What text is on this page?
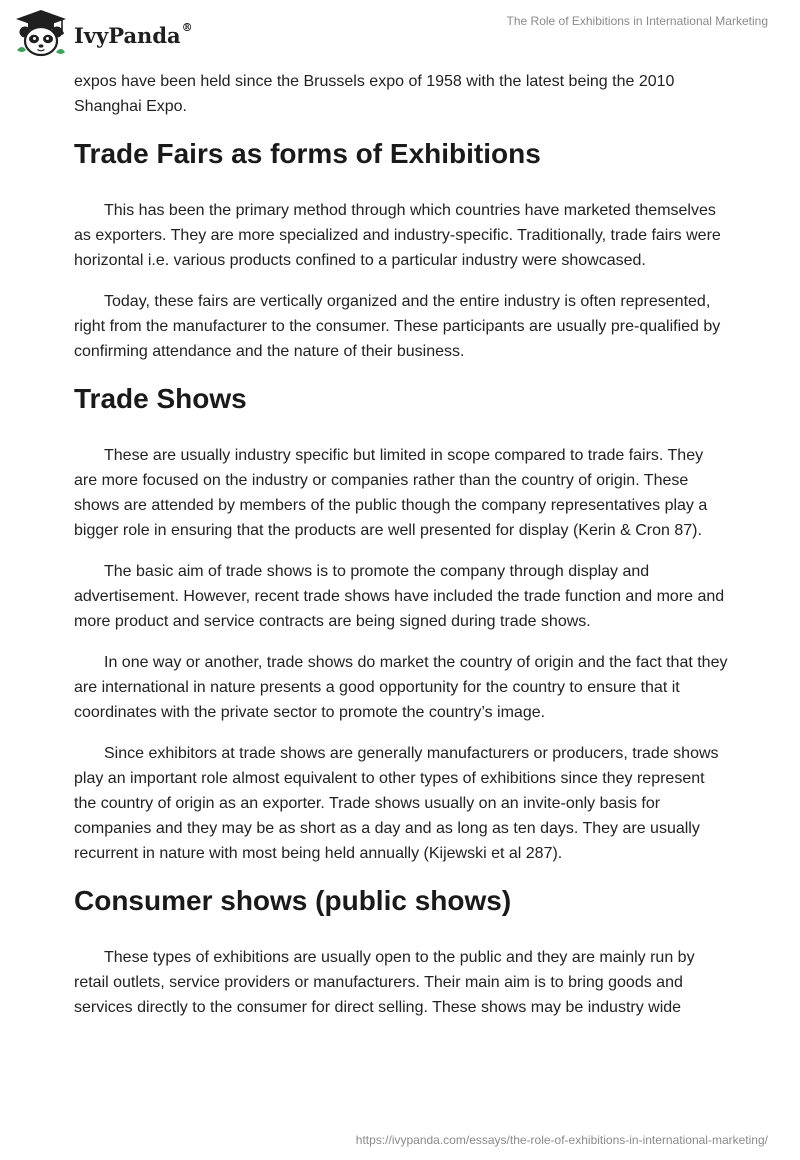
IvyPanda®	The Role of Exhibitions in International Marketing

expos have been held since the Brussels expo of 1958 with the latest being the 2010 Shanghai Expo.

Trade Fairs as forms of Exhibitions

This has been the primary method through which countries have marketed themselves as exporters. They are more specialized and industry-specific. Traditionally, trade fairs were horizontal i.e. various products confined to a particular industry were showcased.

Today, these fairs are vertically organized and the entire industry is often represented, right from the manufacturer to the consumer. These participants are usually pre-qualified by confirming attendance and the nature of their business.

Trade Shows

These are usually industry specific but limited in scope compared to trade fairs. They are more focused on the industry or companies rather than the country of origin. These shows are attended by members of the public though the company representatives play a bigger role in ensuring that the products are well presented for display (Kerin & Cron 87).

The basic aim of trade shows is to promote the company through display and advertisement. However, recent trade shows have included the trade function and more and more product and service contracts are being signed during trade shows.

In one way or another, trade shows do market the country of origin and the fact that they are international in nature presents a good opportunity for the country to ensure that it coordinates with the private sector to promote the country’s image.

Since exhibitors at trade shows are generally manufacturers or producers, trade shows play an important role almost equivalent to other types of exhibitions since they represent the country of origin as an exporter. Trade shows usually on an invite-only basis for companies and they may be as short as a day and as long as ten days. They are usually recurrent in nature with most being held annually (Kijewski et al 287).

Consumer shows (public shows)

These types of exhibitions are usually open to the public and they are mainly run by retail outlets, service providers or manufacturers. Their main aim is to bring goods and services directly to the consumer for direct selling. These shows may be industry wide

https://ivypanda.com/essays/the-role-of-exhibitions-in-international-marketing/
